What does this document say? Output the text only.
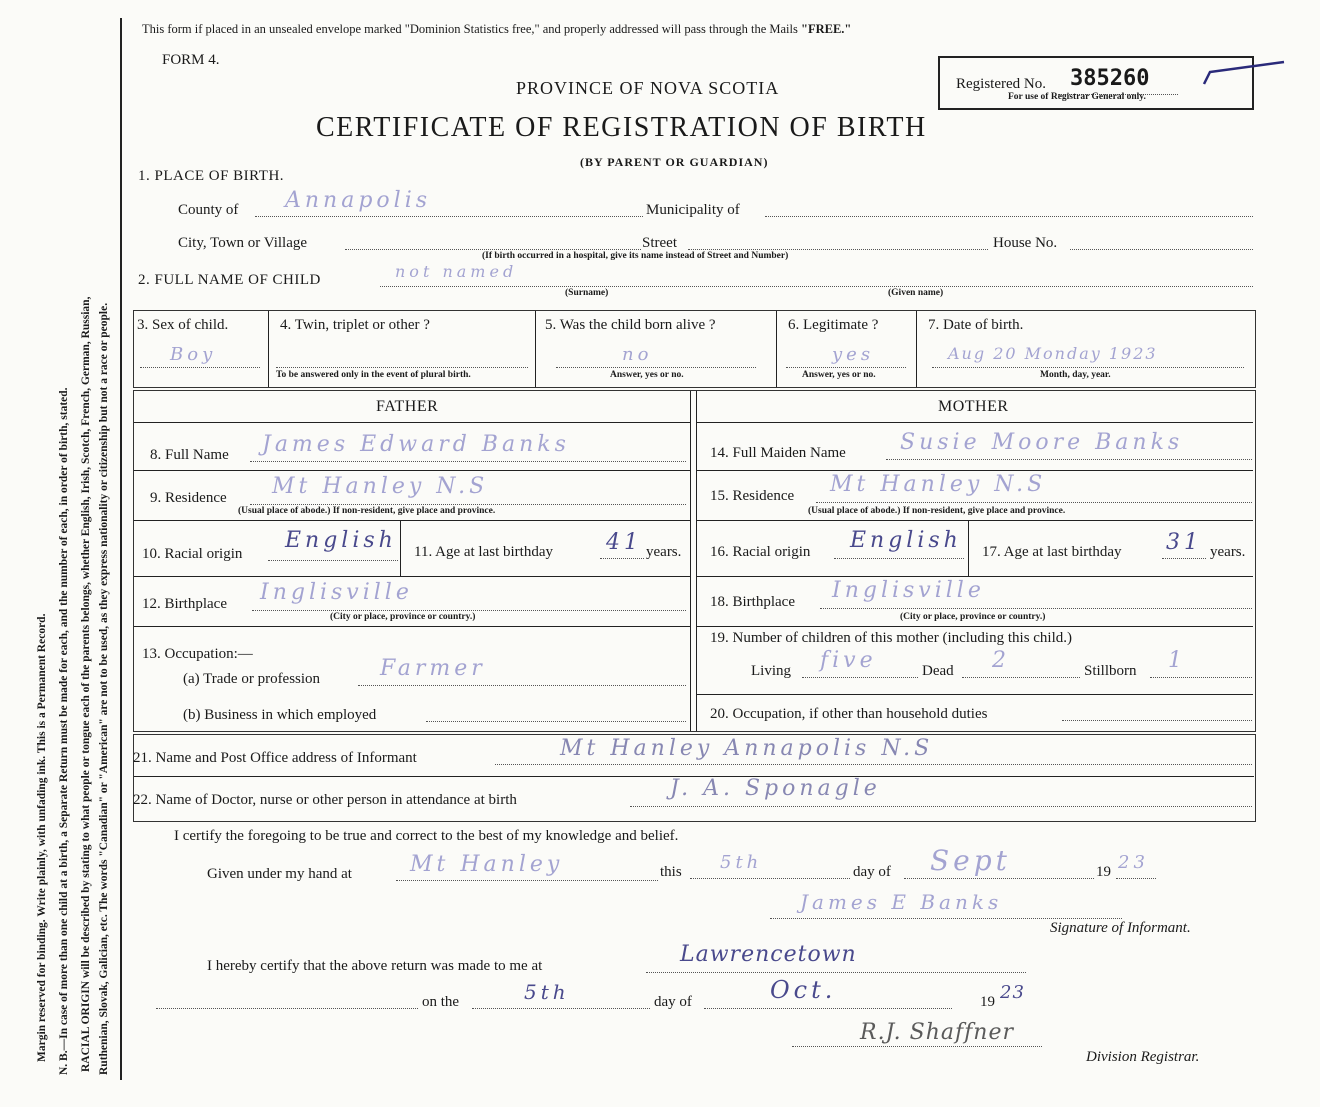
Margin reserved for binding. Write plainly, with unfading ink. This is a Permanent Record. N. B.—In case of more than one child at a birth, a Separate Return must be made for each, and the number of each, in order of birth, stated. RACIAL ORIGIN will be described by stating to what people or tongue each of the parents belongs, whether English, Irish, Scotch, French, German, Russian, Ruthenian, Slovak, Galician, etc. The words "Canadian" or "American" are not to be used, as they express nationality or citizenship but not a race or people.
This form if placed in an unsealed envelope marked "Dominion Statistics free," and properly addressed will pass through the Mails "FREE."
FORM 4.
PROVINCE OF NOVA SCOTIA
CERTIFICATE OF REGISTRATION OF BIRTH
(BY PARENT OR GUARDIAN)
Registered No. 385260
For use of Registrar General only.
1. PLACE OF BIRTH.
County of Annapolis	Municipality of
City, Town or Village	Street	House No.
(If birth occurred in a hospital, give its name instead of Street and Number)
2. FULL NAME OF CHILD	not named
(Surname)	(Given name)
3. Sex of child.
Boy
4. Twin, triplet or other ?
To be answered only in the event of plural birth.
5. Was the child born alive ?
no
Answer, yes or no.
6. Legitimate ?
yes
Answer, yes or no.
7. Date of birth.
Aug 20 Monday 1923
Month, day, year.
FATHER	MOTHER
8. Full Name James Edward Banks
9. Residence Mt Hanley N.S
(Usual place of abode.) If non-resident, give place and province.
10. Racial origin
English 11. Age at last birthday 41 years.
12. Birthplace Inglisville
(City or place, province or country.)
13. Occupation:—
(a) Trade or profession	Farmer
(b) Business in which employed
14. Full Maiden Name Susie Moore Banks
15. Residence Mt Hanley N.S
(Usual place of abode.) If non-resident, give place and province.
16. Racial origin English 17. Age at last birthday 31 years.
18. Birthplace Inglisville
(City or place, province or country.)
19. Number of children of this mother (including this child.)
Living five	Dead 2	Stillborn 1
20. Occupation, if other than household duties
21. Name and Post Office address of Informant	Mt Hanley Annapolis N.S
22. Name of Doctor, nurse or other person in attendance at birth	J. A. Sponagle
I certify the foregoing to be true and correct to the best of my knowledge and belief.
Given under my hand at	Mt Hanley	this 5th	day of Sept	19 23
James E Banks
Signature of Informant.
I hereby certify that the above return was made to me at	Lawrencetown
on the	5th	day of	Oct.	19 23
R.J. Shaffner
Division Registrar.
